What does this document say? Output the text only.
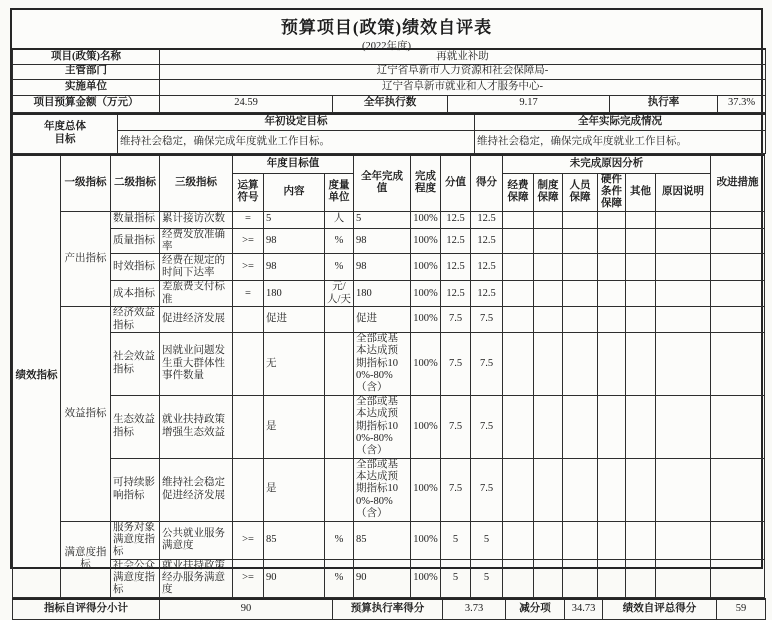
预算项目(政策)绩效自评表
(2022年度)
项目(政策)名称	再就业补助				
主管部门	辽宁省阜新市人力资源和社会保障局-				
实施单位	辽宁省阜新市就业和人才服务中心-				
项目预算金额（万元）	24.59	全年执行数	9.17	执行率	37.3%
年度总体目标	年初设定目标	全年实际完成情况
	维持社会稳定，确保完成年度就业工作目标。	维持社会稳定，确保完成年度就业工作目标。
绩效指标	一级指标	二级指标	三级指标	年度目标值			全年完成值	完成程度	分值	得分	未完成原因分析						改进措施
				运算符号	内容	度量单位					经费保障	制度保障	人员保障	硬件条件保障	其他	原因说明	
	产出指标	数量指标	累计接访次数	=	5	人	5	100%	12.5	12.5							
		质量指标	经费发放准确率	>=	98	%	98	100%	12.5	12.5							
		时效指标	经费在规定的时间下达率	>=	98	%	98	100%	12.5	12.5							
		成本指标	差旅费支付标准	=	180	元/人/天	180	100%	12.5	12.5							
	效益指标	经济效益指标	促进经济发展		促进		促进	100%	7.5	7.5							
		社会效益指标	因就业问题发生重大群体性事件数量		无		全部或基本达成预期指标100%-80%（含）	100%	7.5	7.5							
		生态效益指标	就业扶持政策增强生态效益		是		全部或基本达成预期指标100%-80%（含）	100%	7.5	7.5							
		可持续影响指标	维持社会稳定促进经济发展		是		全部或基本达成预期指标100%-80%（含）	100%	7.5	7.5							
	满意度指标	服务对象满意度指标	公共就业服务满意度	>=	85	%	85	100%	5	5							
		社会公众满意度指标	就业扶持政策经办服务满意度	>=	90	%	90	100%	5	5							
指标自评得分小计	90	预算执行率得分	3.73	减分项	34.73	绩效自评总得分	59
